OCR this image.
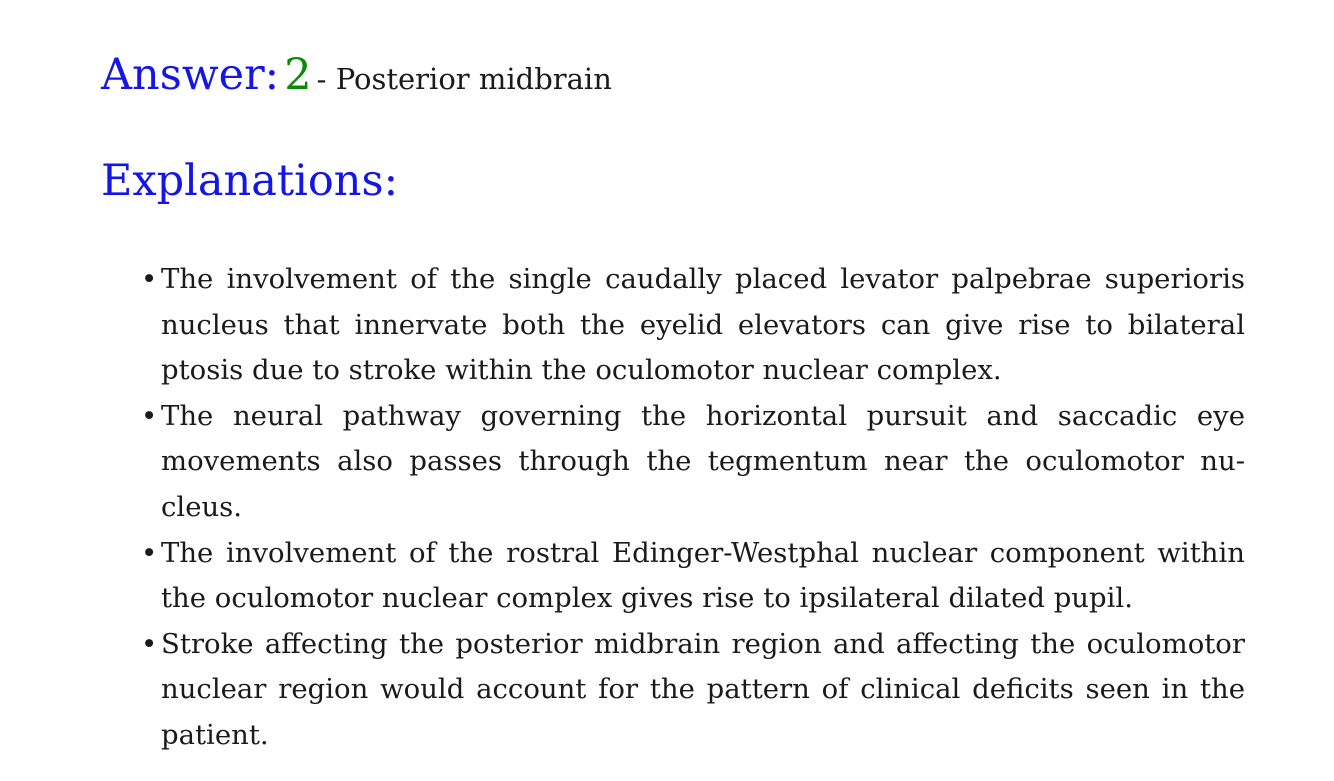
Answer: 2 - Posterior midbrain
Explanations:
• The involvement of the single caudally placed levator palpebrae superioris nucleus that innervate both the eyelid elevators can give rise to bilateral ptosis due to stroke within the oculomotor nuclear complex.
• The neural pathway governing the horizontal pursuit and saccadic eye movements also passes through the tegmentum near the oculomotor nucleus.
• The involvement of the rostral Edinger-Westphal nuclear component within the oculomotor nuclear complex gives rise to ipsilateral dilated pupil.
• Stroke affecting the posterior midbrain region and affecting the oculomotor nuclear region would account for the pattern of clinical deficits seen in the patient.
